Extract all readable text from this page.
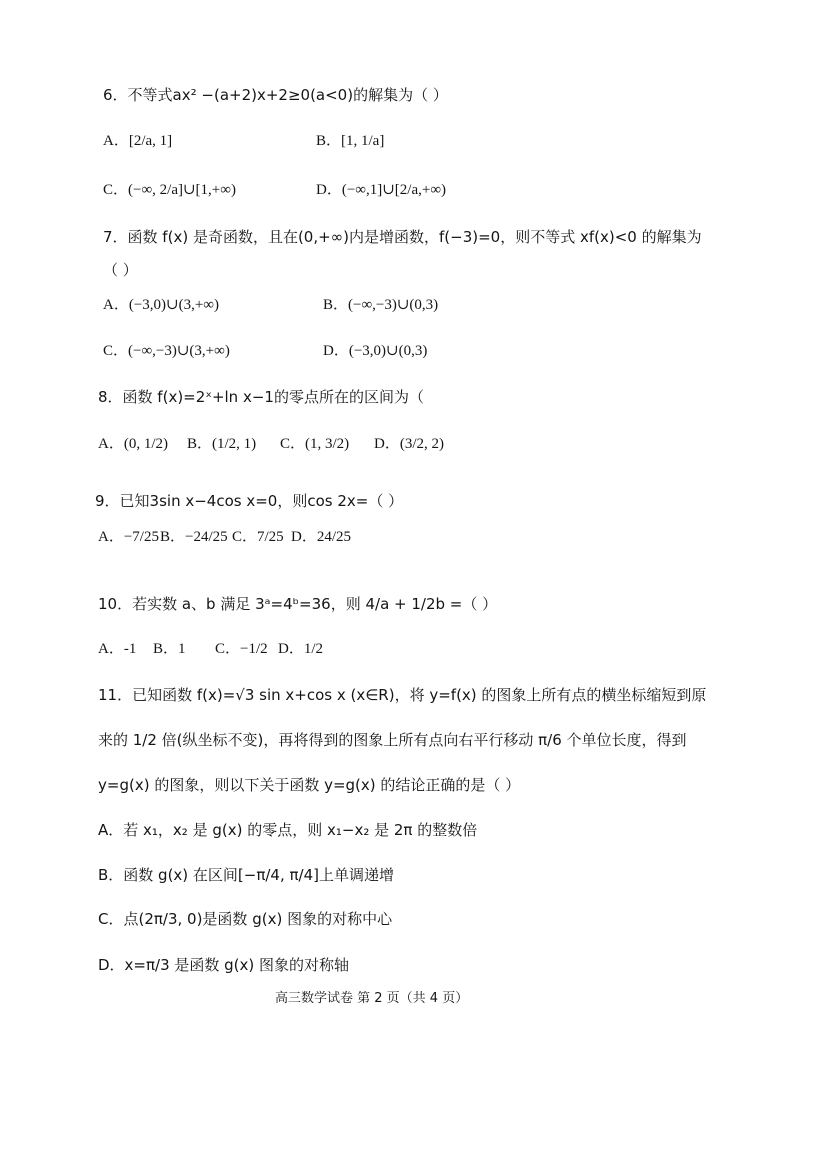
6．不等式ax² −(a+2)x+2≥0(a<0)的解集为（ ）
A．[2/a, 1]	B．[1, 1/a]
C．(−∞, 2/a]∪[1,+∞)	D．(−∞,1]∪[2/a,+∞)
7．函数 f(x) 是奇函数，且在(0,+∞)内是增函数，f(−3)=0，则不等式 xf(x)<0 的解集为
（ ）
A．(−3,0)∪(3,+∞)	B．(−∞,−3)∪(0,3)
C．(−∞,−3)∪(3,+∞)	D．(−3,0)∪(0,3)
8．函数 f(x)=2ˣ+ln x−1的零点所在的区间为（
A．(0, 1/2) B．(1/2, 1) C．(1, 3/2) D．(3/2, 2)
9．已知3sin x−4cos x=0，则cos 2x=（ ）
A．−7/25 B．−24/25 C．7/25 D．24/25
10．若实数 a、b 满足 3ᵃ=4ᵇ=36，则 4/a + 1/2b =（ ）
A．-1 B．1 C．−1/2 D．1/2
11．已知函数 f(x)=√3 sin x+cos x (x∈R)，将 y=f(x) 的图象上所有点的横坐标缩短到原
来的 1/2 倍(纵坐标不变)，再将得到的图象上所有点向右平行移动 π/6 个单位长度，得到
y=g(x) 的图象，则以下关于函数 y=g(x) 的结论正确的是（ ）
A．若 x₁，x₂ 是 g(x) 的零点，则 x₁−x₂ 是 2π 的整数倍
B．函数 g(x) 在区间[−π/4, π/4]上单调递增
C．点(2π/3, 0)是函数 g(x) 图象的对称中心
D．x=π/3 是函数 g(x) 图象的对称轴
高三数学试卷 第 2 页（共 4 页）
